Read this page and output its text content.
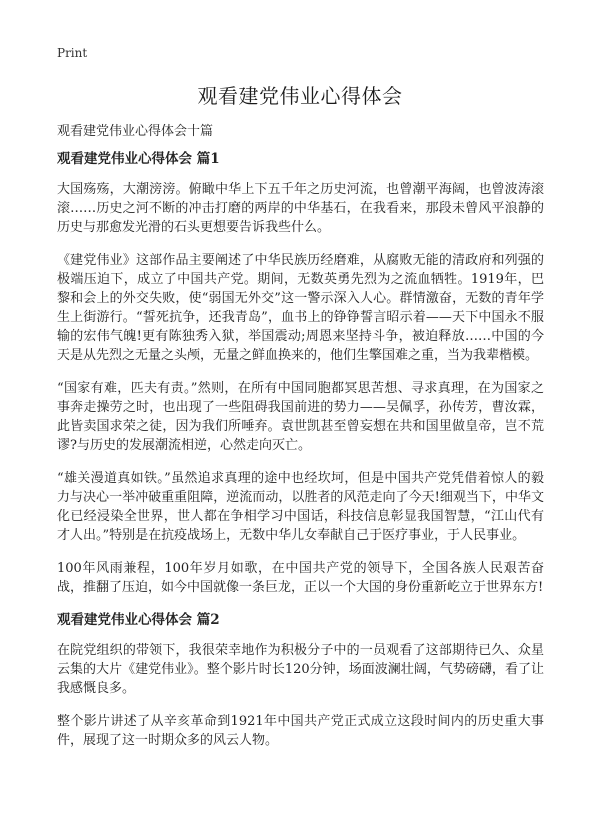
Print
观看建党伟业心得体会
观看建党伟业心得体会十篇
观看建党伟业心得体会 篇1

大国殇殇，大潮滂滂。俯瞰中华上下五千年之历史河流，也曾潮平海阔，也曾波涛滚滚……历史之河不断的冲击打磨的两岸的中华基石，在我看来，那段未曾风平浪静的历史与那愈发光滑的石头更想要告诉我些什么。

《建党伟业》这部作品主要阐述了中华民族历经磨难，从腐败无能的清政府和列强的极端压迫下，成立了中国共产党。期间，无数英勇先烈为之流血牺牲。1919年，巴黎和会上的外交失败，使“弱国无外交”这一警示深入人心。群情激奋，无数的青年学生上街游行。“誓死抗争，还我青岛”，血书上的铮铮誓言昭示着——天下中国永不服输的宏伟气魄!更有陈独秀入狱，举国震动;周恩来坚持斗争，被迫释放……中国的今天是从先烈之无量之头颅，无量之鲜血换来的，他们生擎国难之重，当为我辈楷模。

“国家有难，匹夫有责。”然则，在所有中国同胞都冥思苦想、寻求真理，在为国家之事奔走操劳之时，也出现了一些阻碍我国前进的势力——吴佩孚，孙传芳，曹汝霖，此皆卖国求荣之徒，因为我们所唾弃。袁世凯甚至曾妄想在共和国里做皇帝，岂不荒谬?与历史的发展潮流相逆，心然走向灭亡。

“雄关漫道真如铁。”虽然追求真理的途中也经坎坷，但是中国共产党凭借着惊人的毅力与决心一举冲破重重阻障，逆流而动，以胜者的风范走向了今天!细观当下，中华文化已经浸染全世界，世人都在争相学习中国话，科技信息彰显我国智慧，“江山代有才人出。”特别是在抗疫战场上，无数中华儿女奉献自己于医疗事业，于人民事业。

100年风雨兼程，100年岁月如歌，在中国共产党的领导下，全国各族人民艰苦奋战，推翻了压迫，如今中国就像一条巨龙，正以一个大国的身份重新屹立于世界东方!

观看建党伟业心得体会 篇2

在院党组织的带领下，我很荣幸地作为积极分子中的一员观看了这部期待已久、众星云集的大片《建党伟业》。整个影片时长120分钟，场面波澜壮阔，气势磅礴，看了让我感慨良多。

整个影片讲述了从辛亥革命到1921年中国共产党正式成立这段时间内的历史重大事件，展现了这一时期众多的风云人物。
